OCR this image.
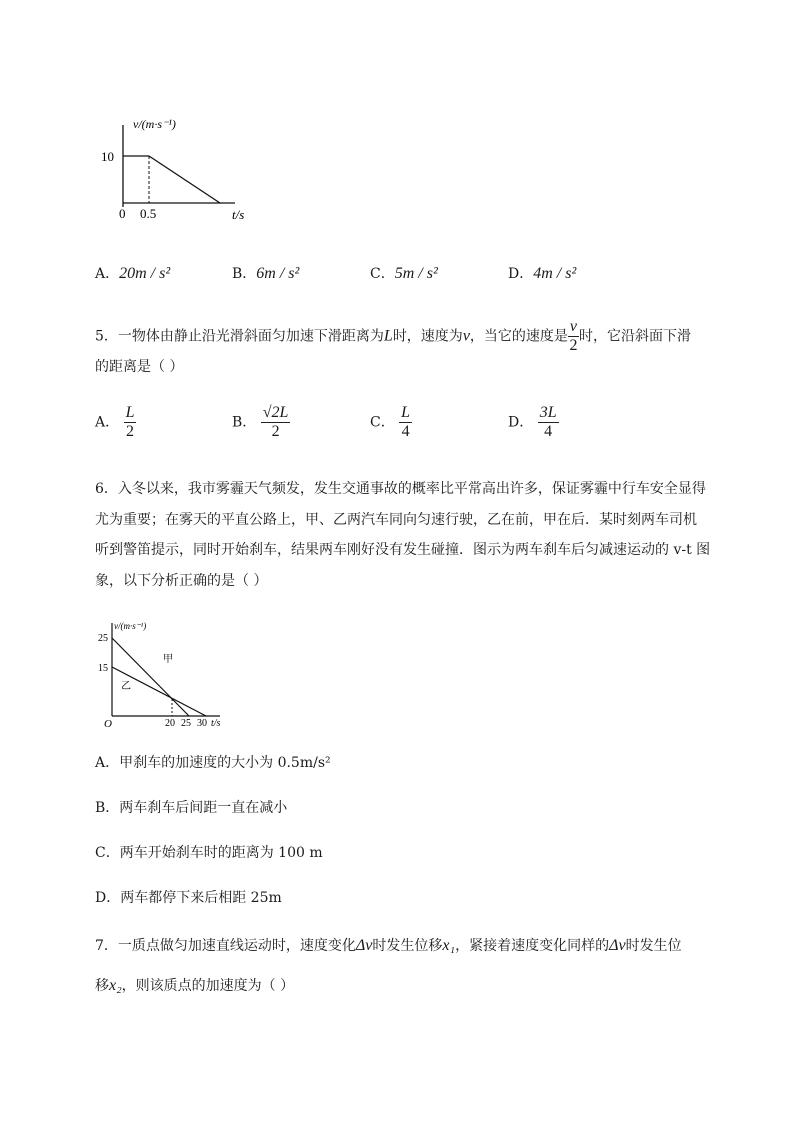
v/(m·s⁻¹)
10
0 0.5	t/s
A．20m / s²	B．6m / s²	C．5m / s²	D．4m / s²
5．一物体由静止沿光滑斜面匀加速下滑距离为L时，速度为v，当它的速度是 $\frac{v}{2}$ 时，它沿斜面下滑
的距离是（ ）
A． $\frac{L}{2}$	B． $\frac{√2L}{2}$	C． $\frac{L}{4}$	D． $\frac{3L}{4}$
6．入冬以来，我市雾霾天气频发，发生交通事故的概率比平常高出许多，保证雾霾中行车安全显得
尤为重要；在雾天的平直公路上，甲、乙两汽车同向匀速行驶，乙在前，甲在后．某时刻两车司机
听到警笛提示，同时开始刹车，结果两车刚好没有发生碰撞．图示为两车刹车后匀减速运动的 v-t 图
象，以下分析正确的是（ ）
v/(m·s⁻¹)
25
15
甲
乙
O	20 25 30 t/s
A．甲刹车的加速度的大小为 0.5m/s²
B．两车刹车后间距一直在减小
C．两车开始刹车时的距离为 100 m
D．两车都停下来后相距 25m
7．一质点做匀加速直线运动时，速度变化Δv时发生位移x₁，紧接着速度变化同样的Δv时发生位
移x₂，则该质点的加速度为（ ）
